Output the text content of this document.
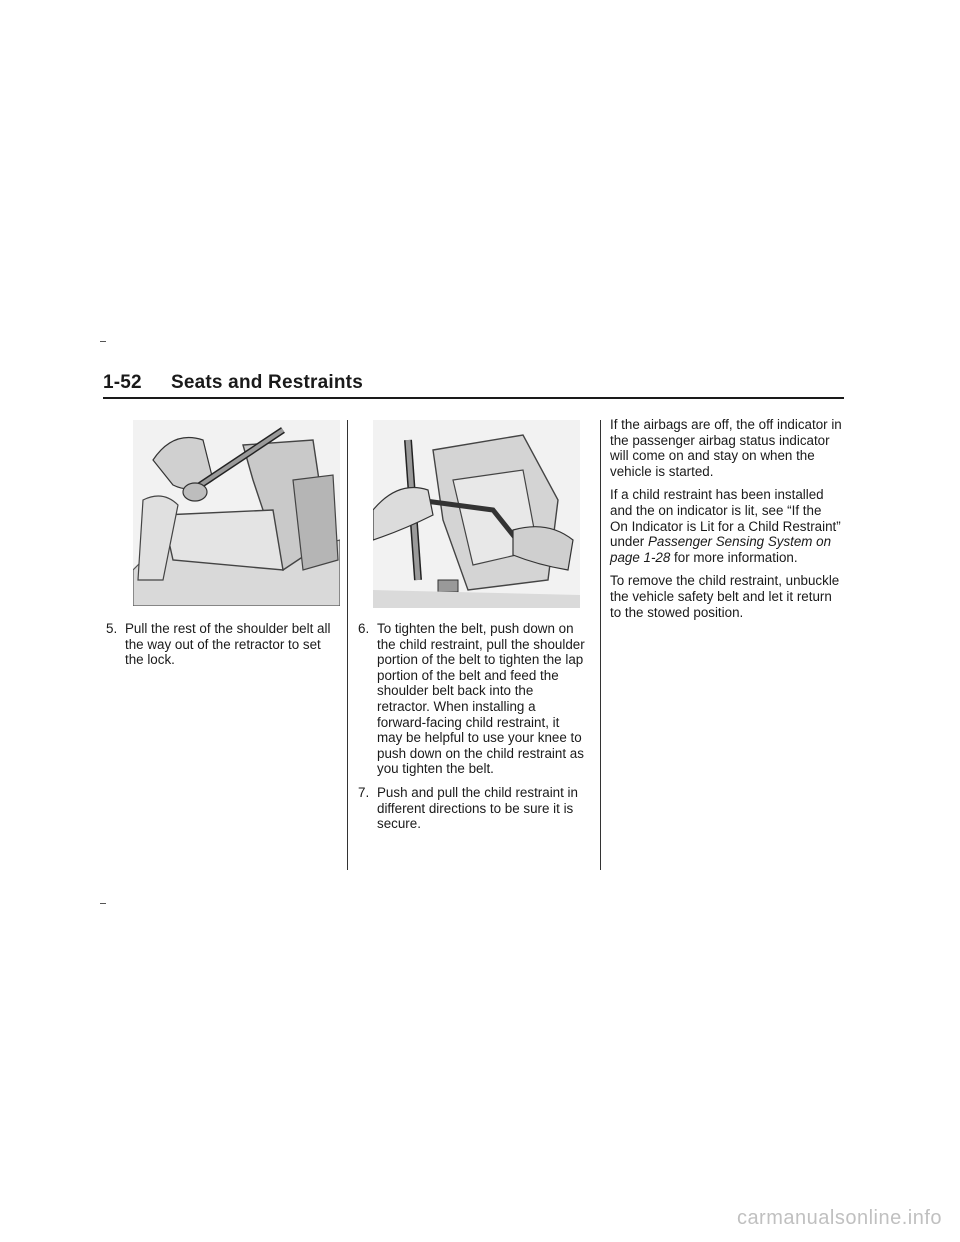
1-52 Seats and Restraints
5. Pull the rest of the shoulder belt all the way out of the retractor to set the lock.
6. To tighten the belt, push down on the child restraint, pull the shoulder portion of the belt to tighten the lap portion of the belt and feed the shoulder belt back into the retractor. When installing a forward-facing child restraint, it may be helpful to use your knee to push down on the child restraint as you tighten the belt.
7. Push and pull the child restraint in different directions to be sure it is secure.

If the airbags are off, the off indicator in the passenger airbag status indicator will come on and stay on when the vehicle is started.

If a child restraint has been installed and the on indicator is lit, see “If the On Indicator is Lit for a Child Restraint” under Passenger Sensing System on page 1-28 for more information.

To remove the child restraint, unbuckle the vehicle safety belt and let it return to the stowed position.

carmanualsonline.info
